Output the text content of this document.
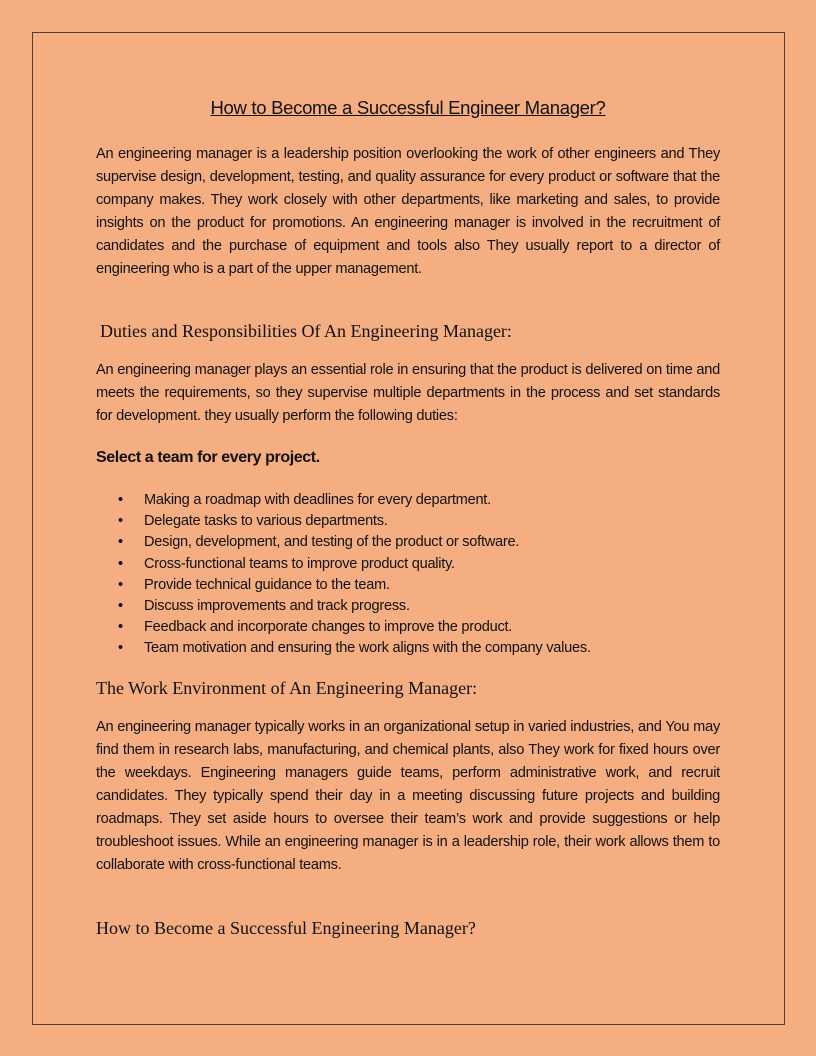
How to Become a Successful Engineer Manager?

An engineering manager is a leadership position overlooking the work of other engineers and They supervise design, development, testing, and quality assurance for every product or software that the company makes. They work closely with other departments, like marketing and sales, to provide insights on the product for promotions. An engineering manager is involved in the recruitment of candidates and the purchase of equipment and tools also They usually report to a director of engineering who is a part of the upper management.

Duties and Responsibilities Of An Engineering Manager:

An engineering manager plays an essential role in ensuring that the product is delivered on time and meets the requirements, so they supervise multiple departments in the process and set standards for development. they usually perform the following duties:

Select a team for every project.
• Making a roadmap with deadlines for every department.
• Delegate tasks to various departments.
• Design, development, and testing of the product or software.
• Cross-functional teams to improve product quality.
• Provide technical guidance to the team.
• Discuss improvements and track progress.
• Feedback and incorporate changes to improve the product.
• Team motivation and ensuring the work aligns with the company values.
The Work Environment of An Engineering Manager:

An engineering manager typically works in an organizational setup in varied industries, and You may find them in research labs, manufacturing, and chemical plants, also They work for fixed hours over the weekdays. Engineering managers guide teams, perform administrative work, and recruit candidates. They typically spend their day in a meeting discussing future projects and building roadmaps. They set aside hours to oversee their team’s work and provide suggestions or help troubleshoot issues. While an engineering manager is in a leadership role, their work allows them to collaborate with cross-functional teams.

How to Become a Successful Engineering Manager?
